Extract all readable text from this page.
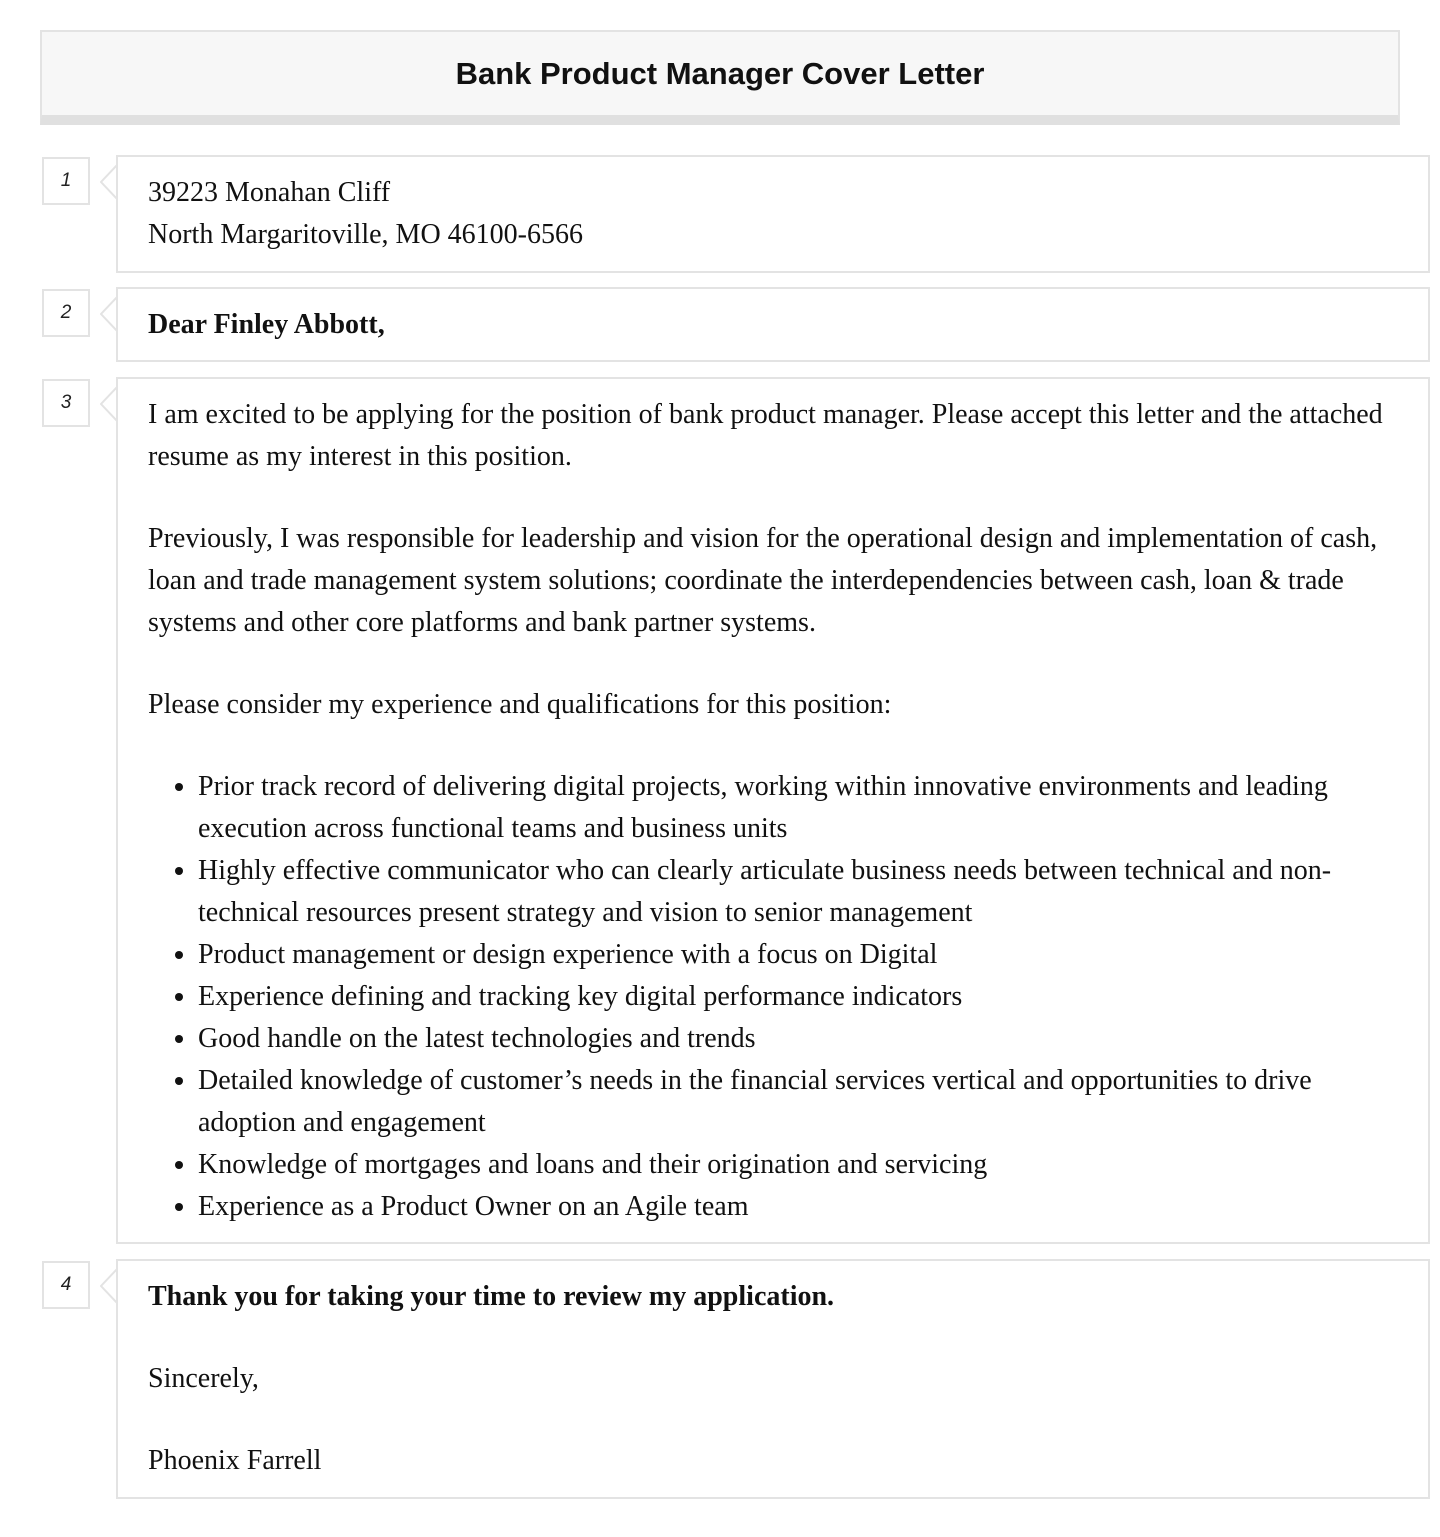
Bank Product Manager Cover Letter
1	39223 Monahan Cliff

North Margaritoville, MO 46100-6566

2	Dear Finley Abbott,

3	I am excited to be applying for the position of bank product manager. Please accept this letter and the attached resume as my interest in this position.

Previously, I was responsible for leadership and vision for the operational design and implementation of cash, loan and trade management system solutions; coordinate the interdependencies between cash, loan & trade systems and other core platforms and bank partner systems.

Please consider my experience and qualifications for this position:

• Prior track record of delivering digital projects, working within innovative environments and leading execution across functional teams and business units
• Highly effective communicator who can clearly articulate business needs between technical and non-technical resources present strategy and vision to senior management
• Product management or design experience with a focus on Digital
• Experience defining and tracking key digital performance indicators
• Good handle on the latest technologies and trends
• Detailed knowledge of customer’s needs in the financial services vertical and opportunities to drive adoption and engagement
• Knowledge of mortgages and loans and their origination and servicing
• Experience as a Product Owner on an Agile team
4	Thank you for taking your time to review my application.

Sincerely,

Phoenix Farrell
